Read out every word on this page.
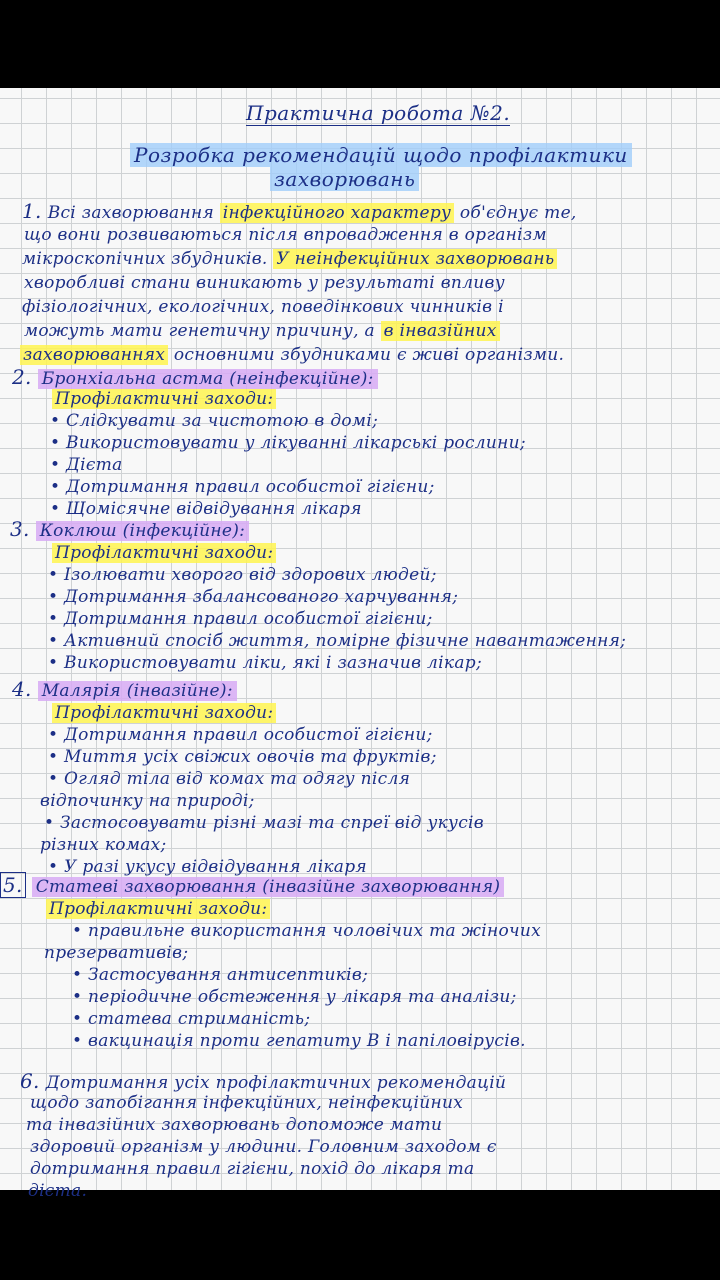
Практична робота №2.
Розробка рекомендацій щодо профілактики
захворювань
1. Всі захворювання інфекційного характеру об'єднує те,
що вони розвиваються після впровадження в організм
мікроскопічних збудників. У неінфекційних захворювань
хворобливі стани виникають у результаті впливу
фізіологічних, екологічних, поведінкових чинників і
можуть мати генетичну причину, а в інвазійних
захворюваннях основними збудниками є живі організми.
2. Бронхіальна астма (неінфекційне):
Профілактичні заходи:
• Слідкувати за чистотою в домі;
• Використовувати у лікуванні лікарські рослини;
• Дієта
• Дотримання правил особистої гігієни;
• Щомісячне відвідування лікаря
3. Коклюш (інфекційне):
Профілактичні заходи:
• Ізолювати хворого від здорових людей;
• Дотримання збалансованого харчування;
• Дотримання правил особистої гігієни;
• Активний спосіб життя, помірне фізичне навантаження;
• Використовувати ліки, які і зазначив лікар;
4. Малярія (інвазійне):
Профілактичні заходи:
• Дотримання правил особистої гігієни;
• Миття усіх свіжих овочів та фруктів;
• Огляд тіла від комах та одягу після
відпочинку на природі;
• Застосовувати різні мазі та спреї від укусів
різних комах;
• У разі укусу відвідування лікаря
5. Статеві захворювання (інвазійне захворювання)
Профілактичні заходи:
• правильне використання чоловічих та жіночих
презервативів;
• Застосування антисептиків;
• періодичне обстеження у лікаря та аналізи;
• статева стриманість;
• вакцинація проти гепатиту В і папіловірусів.
6. Дотримання усіх профілактичних рекомендацій
щодо запобігання інфекційних, неінфекційних
та інвазійних захворювань допоможе мати
здоровий організм у людини. Головним заходом є
дотримання правил гігієни, похід до лікаря та
дієта.
